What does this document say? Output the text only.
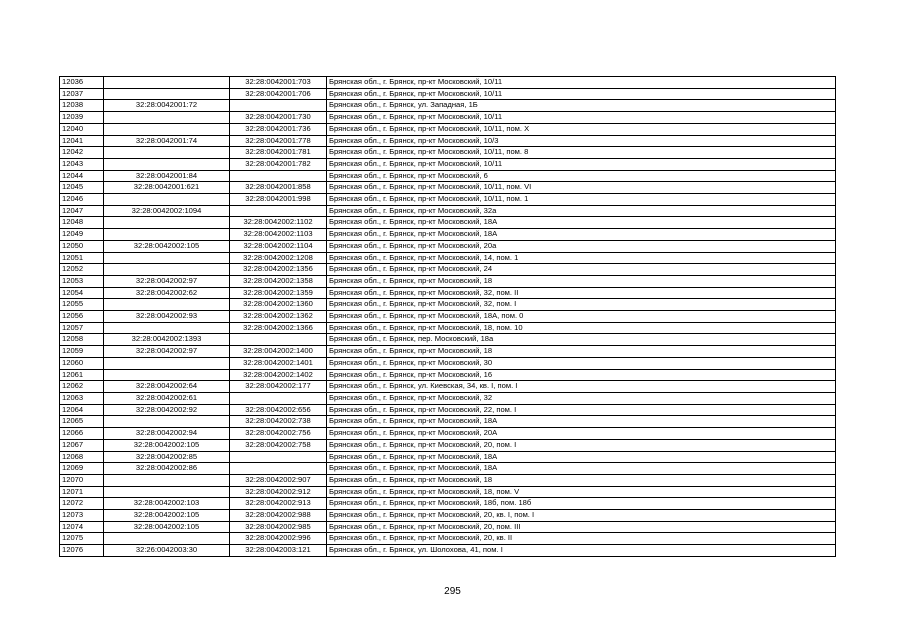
12036		32:28:0042001:703	Брянская обл., г. Брянск, пр-кт Московский, 10/11
12037		32:28:0042001:706	Брянская обл., г. Брянск, пр-кт Московский, 10/11
12038	32:28:0042001:72		Брянская обл., г. Брянск, ул. Западная, 1Б
12039		32:28:0042001:730	Брянская обл., г. Брянск, пр-кт Московский, 10/11
12040		32:28:0042001:736	Брянская обл., г. Брянск, пр-кт Московский, 10/11, пом. X
12041	32:28:0042001:74	32:28:0042001:778	Брянская обл., г. Брянск, пр-кт Московский, 10/3
12042		32:28:0042001:781	Брянская обл., г. Брянск, пр-кт Московский, 10/11, пом. 8
12043		32:28:0042001:782	Брянская обл., г. Брянск, пр-кт Московский, 10/11
12044	32:28:0042001:84		Брянская обл., г. Брянск, пр-кт Московский, 6
12045	32:28:0042001:621	32:28:0042001:858	Брянская обл., г. Брянск, пр-кт Московский, 10/11, пом. VI
12046		32:28:0042001:998	Брянская обл., г. Брянск, пр-кт Московский, 10/11, пом. 1
12047	32:28:0042002:1094		Брянская обл., г. Брянск, пр-кт Московский, 32а
12048		32:28:0042002:1102	Брянская обл., г. Брянск, пр-кт Московский, 18А
12049		32:28:0042002:1103	Брянская обл., г. Брянск, пр-кт Московский, 18А
12050	32:28:0042002:105	32:28:0042002:1104	Брянская обл., г. Брянск, пр-кт Московский, 20а
12051		32:28:0042002:1208	Брянская обл., г. Брянск, пр-кт Московский, 14, пом. 1
12052		32:28:0042002:1356	Брянская обл., г. Брянск, пр-кт Московский, 24
12053	32:28:0042002:97	32:28:0042002:1358	Брянская обл., г. Брянск, пр-кт Московский, 18
12054	32:28:0042002:62	32:28:0042002:1359	Брянская обл., г. Брянск, пр-кт Московский, 32, пом. II
12055		32:28:0042002:1360	Брянская обл., г. Брянск, пр-кт Московский, 32, пом. I
12056	32:28:0042002:93	32:28:0042002:1362	Брянская обл., г. Брянск, пр-кт Московский, 18А, пом. 0
12057		32:28:0042002:1366	Брянская обл., г. Брянск, пр-кт Московский, 18, пом. 10
12058	32:28:0042002:1393		Брянская обл., г. Брянск, пер. Московский, 18а
12059	32:28:0042002:97	32:28:0042002:1400	Брянская обл., г. Брянск, пр-кт Московский, 18
12060		32:28:0042002:1401	Брянская обл., г. Брянск, пр-кт Московский, 30
12061		32:28:0042002:1402	Брянская обл., г. Брянск, пр-кт Московский, 16
12062	32:28:0042002:64	32:28:0042002:177	Брянская обл., г. Брянск, ул. Киевская, 34, кв. I, пом. I
12063	32:28:0042002:61		Брянская обл., г. Брянск, пр-кт Московский, 32
12064	32:28:0042002:92	32:28:0042002:656	Брянская обл., г. Брянск, пр-кт Московский, 22, пом. I
12065		32:28:0042002:738	Брянская обл., г. Брянск, пр-кт Московский, 18А
12066	32:28:0042002:94	32:28:0042002:756	Брянская обл., г. Брянск, пр-кт Московский, 20А
12067	32:28:0042002:105	32:28:0042002:758	Брянская обл., г. Брянск, пр-кт Московский, 20, пом. I
12068	32:28:0042002:85		Брянская обл., г. Брянск, пр-кт Московский, 18А
12069	32:28:0042002:86		Брянская обл., г. Брянск, пр-кт Московский, 18А
12070		32:28:0042002:907	Брянская обл., г. Брянск, пр-кт Московский, 18
12071		32:28:0042002:912	Брянская обл., г. Брянск, пр-кт Московский, 18, пом. V
12072	32:28:0042002:103	32:28:0042002:913	Брянская обл., г. Брянск, пр-кт Московский, 18б, пом. 18б
12073	32:28:0042002:105	32:28:0042002:988	Брянская обл., г. Брянск, пр-кт Московский, 20, кв. I, пом. I
12074	32:28:0042002:105	32:28:0042002:985	Брянская обл., г. Брянск, пр-кт Московский, 20, пом. III
12075		32:28:0042002:996	Брянская обл., г. Брянск, пр-кт Московский, 20, кв. II
12076	32:26:0042003:30	32:28:0042003:121	Брянская обл., г. Брянск, ул. Шолохова, 41, пом. I
295
